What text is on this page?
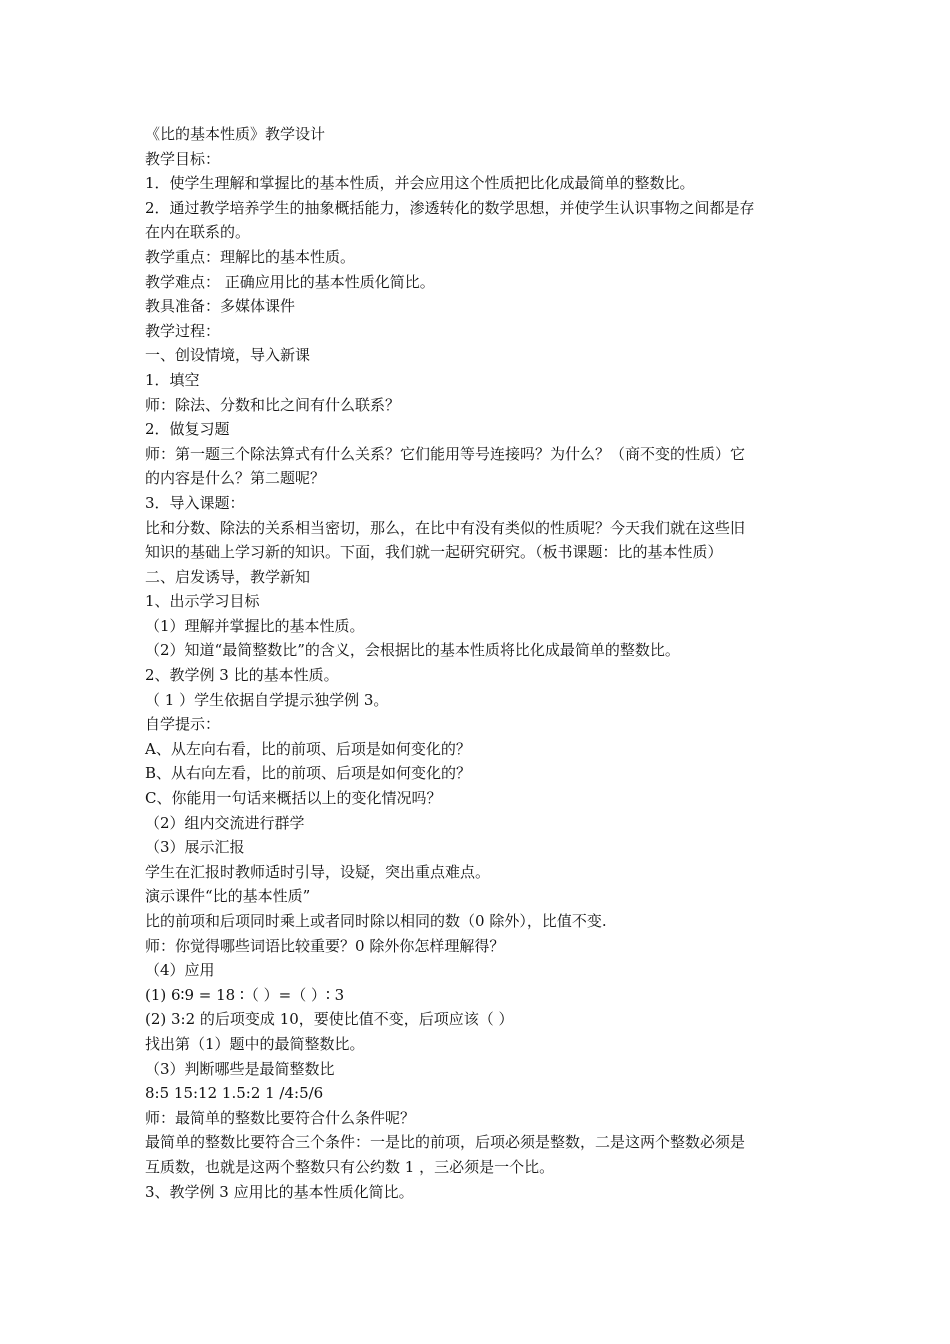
《比的基本性质》教学设计
教学目标：
1．使学生理解和掌握比的基本性质，并会应用这个性质把比化成最简单的整数比。
2．通过教学培养学生的抽象概括能力，渗透转化的数学思想，并使学生认识事物之间都是存
在内在联系的。
教学重点：理解比的基本性质。
教学难点： 正确应用比的基本性质化简比。
教具准备：多媒体课件
教学过程：
一、创设情境，导入新课
1．填空
师：除法、分数和比之间有什么联系？
2．做复习题
师：第一题三个除法算式有什么关系？它们能用等号连接吗？为什么？（商不变的性质）它
的内容是什么？第二题呢？
3．导入课题：
比和分数、除法的关系相当密切，那么，在比中有没有类似的性质呢？今天我们就在这些旧
知识的基础上学习新的知识。下面，我们就一起研究研究。（板书课题：比的基本性质）
二、启发诱导，教学新知
1、出示学习目标
（1）理解并掌握比的基本性质。
（2）知道“最简整数比”的含义，会根据比的基本性质将比化成最简单的整数比。
2、教学例 3 比的基本性质。
（ 1 ）学生依据自学提示独学例 3。
自学提示：
A、从左向右看，比的前项、后项是如何变化的？
B、从右向左看，比的前项、后项是如何变化的？
C、你能用一句话来概括以上的变化情况吗？
（2）组内交流进行群学
（3）展示汇报
学生在汇报时教师适时引导，设疑，突出重点难点。
演示课件“比的基本性质”
比的前项和后项同时乘上或者同时除以相同的数（0 除外），比值不变.
师：你觉得哪些词语比较重要？0 除外你怎样理解得？
（4）应用
(1) 6∶9 = 18 ∶（ ）=（ ）∶ 3
(2) 3:2 的后项变成 10，要使比值不变，后项应该（ ）
找出第（1）题中的最简整数比。
（3）判断哪些是最简整数比
8:5 15:12 1.5:2 1 /4:5/6
师：最简单的整数比要符合什么条件呢？
最简单的整数比要符合三个条件：一是比的前项，后项必须是整数，二是这两个整数必须是
互质数，也就是这两个整数只有公约数 1 ，三必须是一个比。
3、教学例 3 应用比的基本性质化简比。
